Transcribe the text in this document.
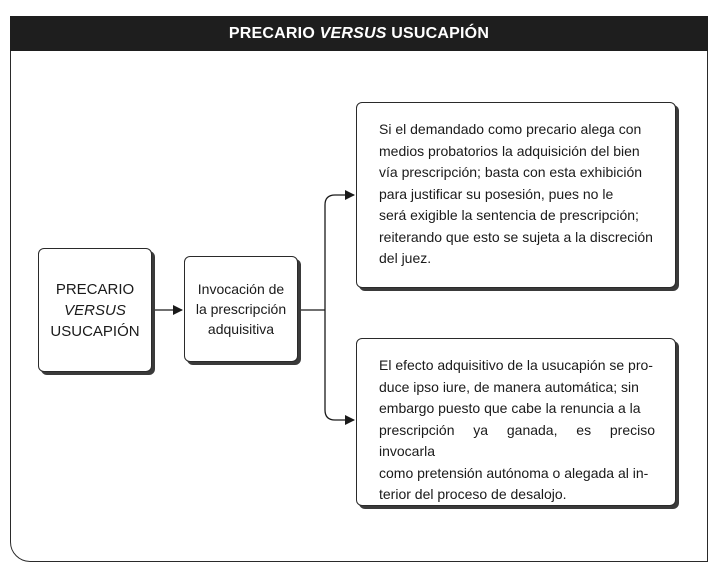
PRECARIO VERSUS USUCAPIÓN
PRECARIO
VERSUS
USUCAPIÓN
Invocación de
la prescripción
adquisitiva
Si el demandado como precario alega con
medios probatorios la adquisición del bien
vía prescripción; basta con esta exhibición
para justificar su posesión, pues no le
será exigible la sentencia de prescripción;
reiterando que esto se sujeta a la discreción
del juez.
El efecto adquisitivo de la usucapión se pro-
duce ipso iure, de manera automática; sin
embargo puesto que cabe la renuncia a la
prescripción ya ganada, es preciso invocarla
como pretensión autónoma o alegada al in-
terior del proceso de desalojo.
